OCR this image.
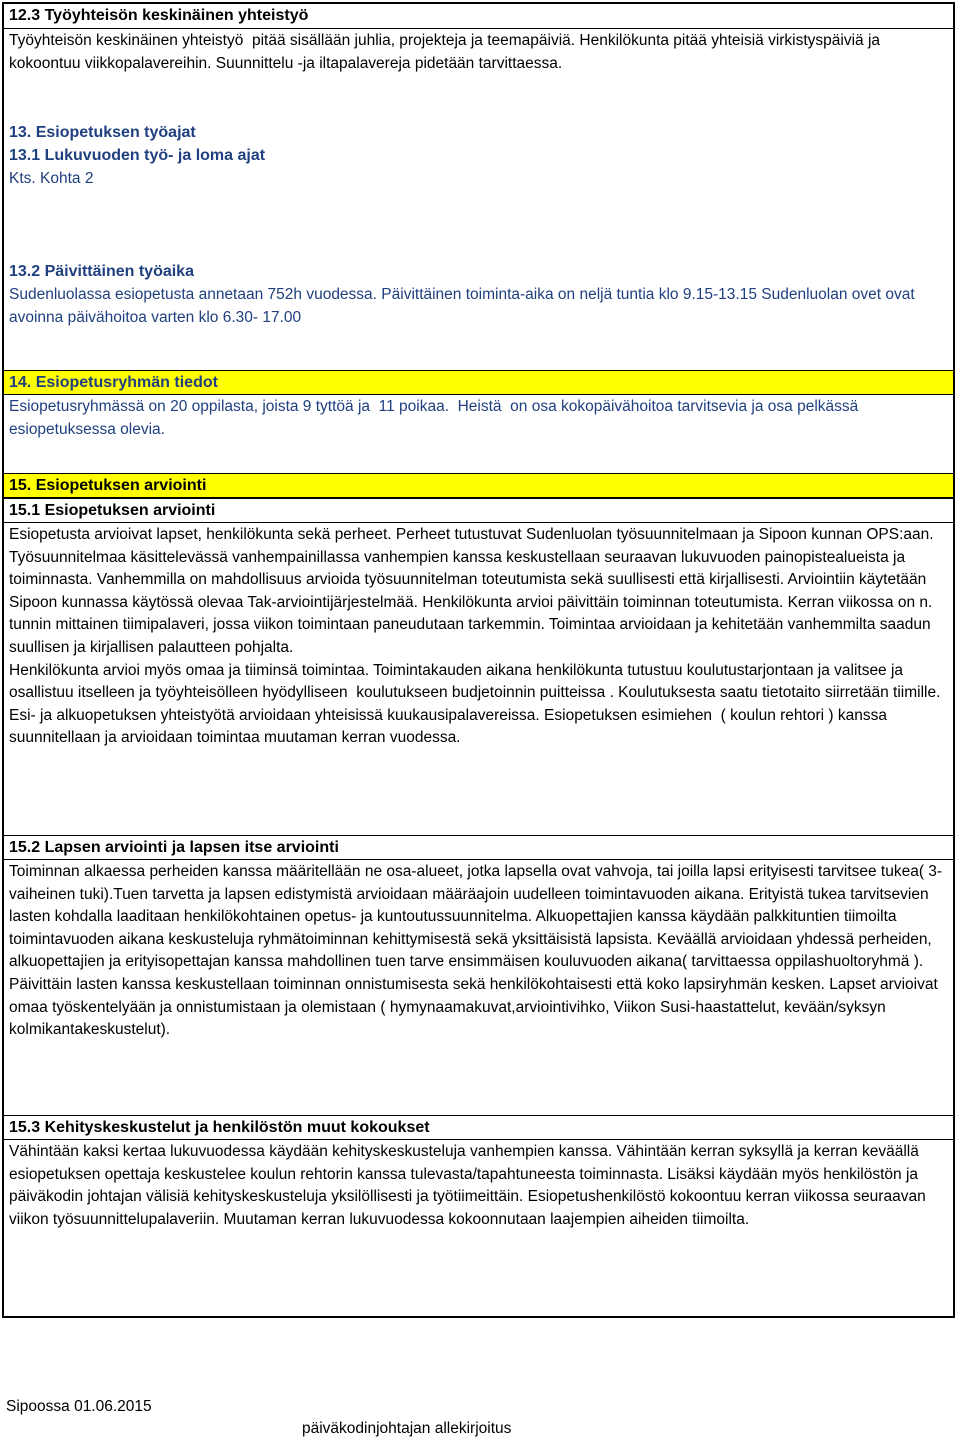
12.3 Työyhteisön keskinäinen yhteistyö
Työyhteisön keskinäinen yhteistyö  pitää sisällään juhlia, projekteja ja teemapäiviä. Henkilökunta pitää yhteisiä virkistyspäiviä ja  kokoontuu viikkopalavereihin. Suunnittelu -ja iltapalavereja pidetään tarvittaessa.
13. Esiopetuksen työajat
13.1 Lukuvuoden työ- ja loma ajat
Kts. Kohta 2
13.2 Päivittäinen työaika
Sudenluolassa esiopetusta annetaan 752h vuodessa. Päivittäinen toiminta-aika on neljä tuntia klo 9.15-13.15 Sudenluolan ovet ovat avoinna päivähoitoa varten klo 6.30- 17.00
14. Esiopetusryhmän tiedot
Esiopetusryhmässä on 20 oppilasta, joista 9 tyttöä ja  11 poikaa.  Heistä  on osa kokopäivähoitoa tarvitsevia ja osa pelkässä esiopetuksessa olevia.
15. Esiopetuksen arviointi
15.1 Esiopetuksen arviointi
Esiopetusta arvioivat lapset, henkilökunta sekä perheet. Perheet tutustuvat Sudenluolan työsuunnitelmaan ja Sipoon kunnan OPS:aan. Työsuunnitelmaa käsittelevässä vanhempainillassa vanhempien kanssa keskustellaan seuraavan lukuvuoden painopistealueista ja toiminnasta. Vanhemmilla on mahdollisuus arvioida työsuunnitelman toteutumista sekä suullisesti että kirjallisesti. Arviointiin käytetään Sipoon kunnassa käytössä olevaa Tak-arviointijärjestelmää. Henkilökunta arvioi päivittäin toiminnan toteutumista. Kerran viikossa on n. tunnin mittainen tiimipalaveri, jossa viikon toimintaan paneudutaan tarkemmin. Toimintaa arvioidaan ja kehitetään vanhemmilta saadun suullisen ja kirjallisen palautteen pohjalta.
Henkilökunta arvioi myös omaa ja tiiminsä toimintaa. Toimintakauden aikana henkilökunta tutustuu koulutustarjontaan ja valitsee ja osallistuu itselleen ja työyhteisölleen hyödylliseen  koulutukseen budjetoinnin puitteissa . Koulutuksesta saatu tietotaito siirretään tiimille. Esi- ja alkuopetuksen yhteistyötä arvioidaan yhteisissä kuukausipalavereissa. Esiopetuksen esimiehen  ( koulun rehtori ) kanssa suunnitellaan ja arvioidaan toimintaa muutaman kerran vuodessa.
15.2 Lapsen arviointi ja lapsen itse arviointi
Toiminnan alkaessa perheiden kanssa määritellään ne osa-alueet, jotka lapsella ovat vahvoja, tai joilla lapsi erityisesti tarvitsee tukea( 3-vaiheinen tuki).Tuen tarvetta ja lapsen edistymistä arvioidaan määräajoin uudelleen toimintavuoden aikana. Erityistä tukea tarvitsevien lasten kohdalla laaditaan henkilökohtainen opetus- ja kuntoutussuunnitelma. Alkuopettajien kanssa käydään palkkituntien tiimoilta toimintavuoden aikana keskusteluja ryhmätoiminnan kehittymisestä sekä yksittäisistä lapsista. Keväällä arvioidaan yhdessä perheiden, alkuopettajien ja erityisopettajan kanssa mahdollinen tuen tarve ensimmäisen kouluvuoden aikana( tarvittaessa oppilashuoltoryhmä ).
Päivittäin lasten kanssa keskustellaan toiminnan onnistumisesta sekä henkilökohtaisesti että koko lapsiryhmän kesken. Lapset arvioivat omaa työskentelyään ja onnistumistaan ja olemistaan ( hymynaamakuvat,arviointivihko, Viikon Susi-haastattelut, kevään/syksyn kolmikantakeskustelut).
15.3 Kehityskeskustelut ja henkilöstön muut kokoukset
Vähintään kaksi kertaa lukuvuodessa käydään kehityskeskusteluja vanhempien kanssa. Vähintään kerran syksyllä ja kerran keväällä esiopetuksen opettaja keskustelee koulun rehtorin kanssa tulevasta/tapahtuneesta toiminnasta. Lisäksi käydään myös henkilöstön ja päiväkodin johtajan välisiä kehityskeskusteluja yksilöllisesti ja työtiimeittäin. Esiopetushenkilöstö kokoontuu kerran viikossa seuraavan viikon työsuunnittelupalaveriin. Muutaman kerran lukuvuodessa kokoonnutaan laajempien aiheiden tiimoilta.
Sipoossa 01.06.2015
päiväkodinjohtajan allekirjoitus
